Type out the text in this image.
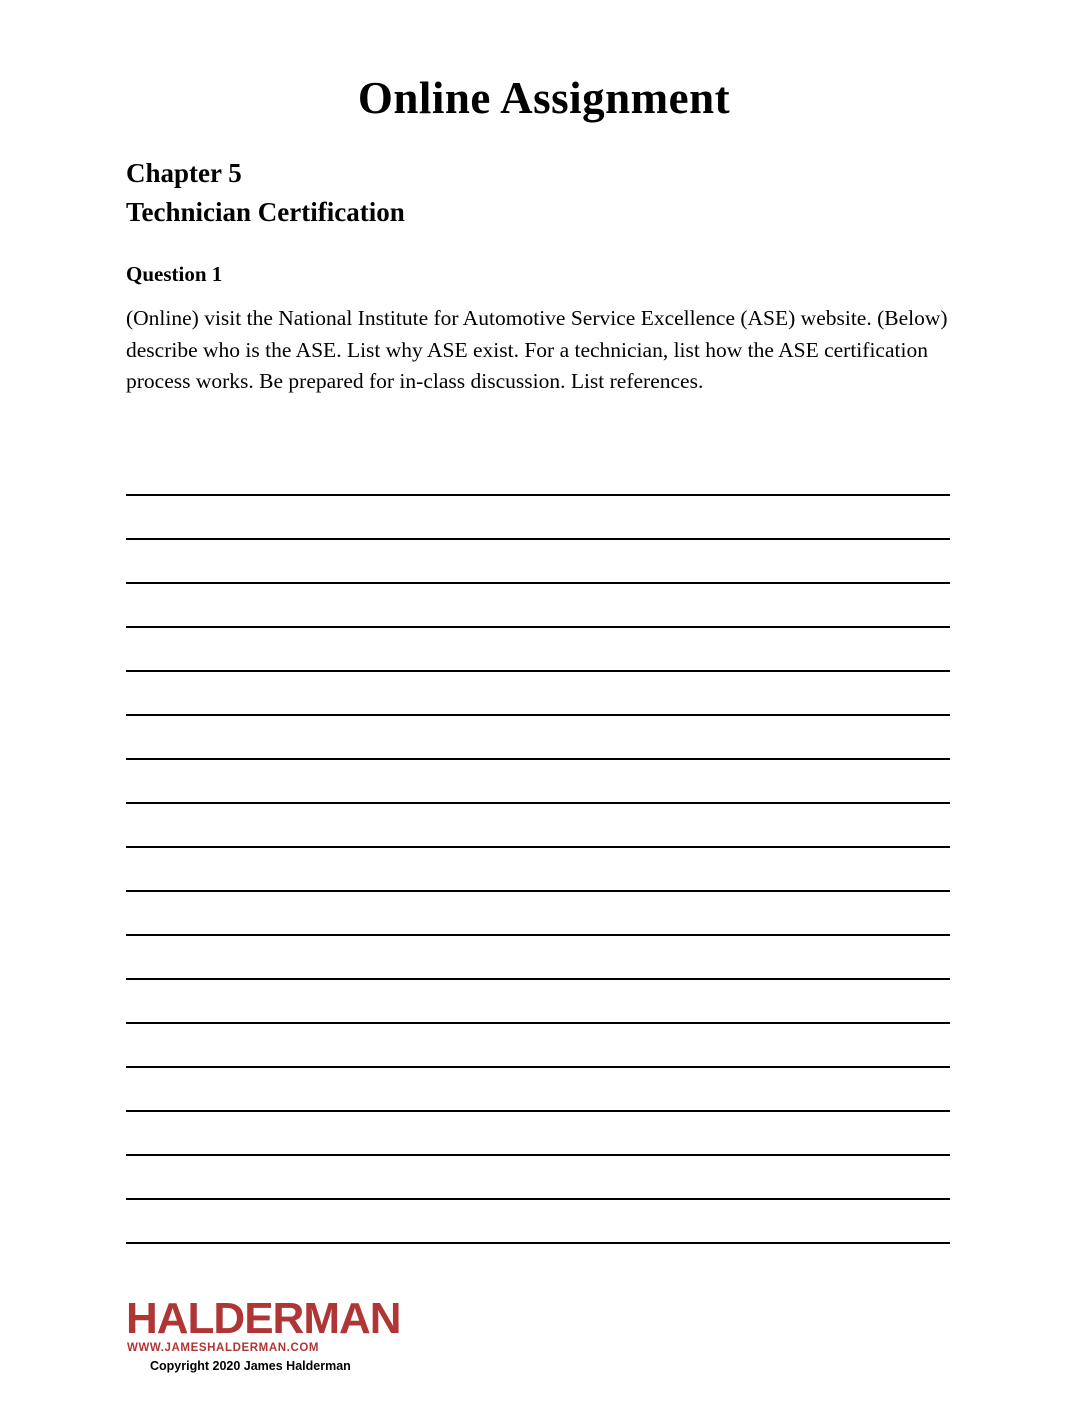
Online Assignment
Chapter 5
Technician Certification
Question 1
(Online) visit the National Institute for Automotive Service Excellence (ASE) website. (Below) describe who is the ASE. List why ASE exist. For a technician, list how the ASE certification process works. Be prepared for in-class discussion. List references.
HALDERMAN
WWW.JAMESHALDERMAN.COM
Copyright 2020 James Halderman
